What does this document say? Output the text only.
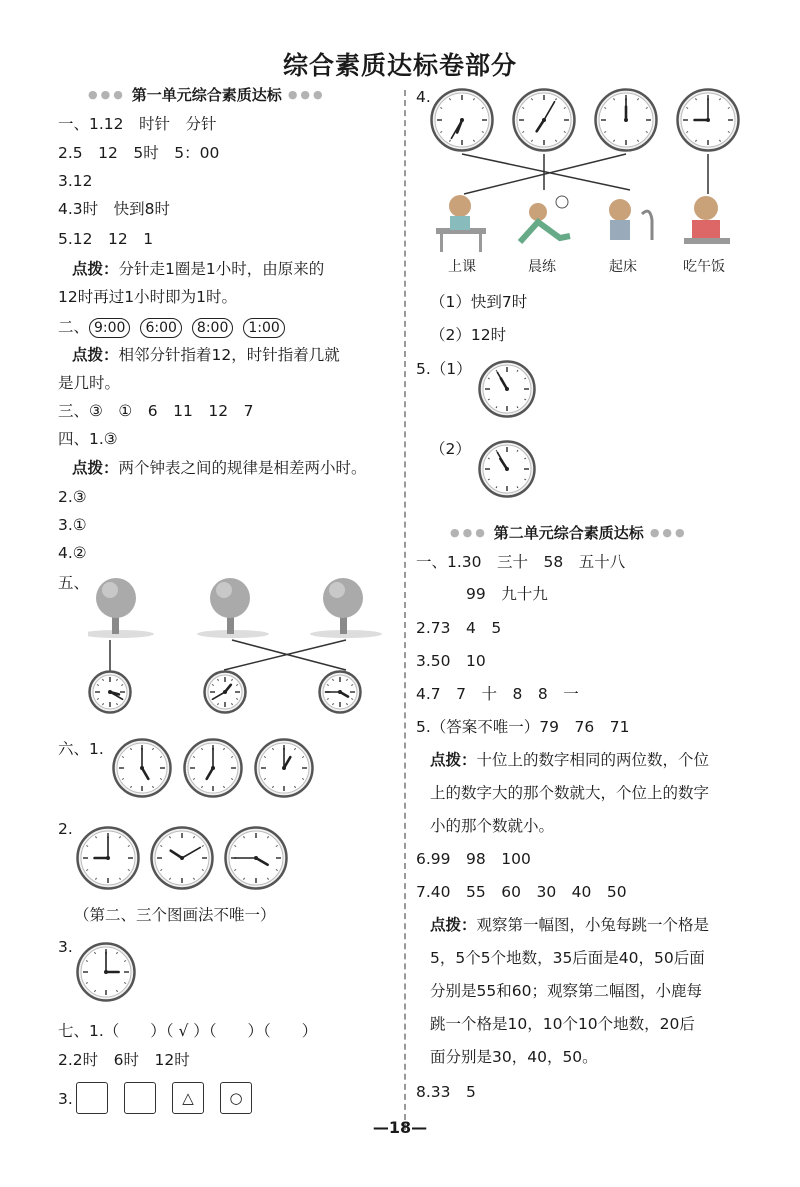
综合素质达标卷部分
●●● 第一单元综合素质达标 ●●●
一、1.12　时针　分针
2.5　12　5时　5：00
3.12
4.3时　快到8时
5.12　12　1
点拨：分针走1圈是1小时，由原来的
12时再过1小时即为1时。
二、 9:00 6:00 8:00 1:00
点拨：相邻分针指着12，时针指着几就
是几时。
三、③　①　6　11　12　7
四、1.③
点拨：两个钟表之间的规律是相差两小时。
2.③
3.①
4.②
五、
六、1.
2.
（第二、三个图画法不唯一）
3.
七、1.（　　）（ √ ）（　　）（　　）
2.2时　6时　12时
3.	△	○
4.
上课	晨练	起床	吃午饭
（1）快到7时
（2）12时
5.（1）
（2）
●●● 第二单元综合素质达标 ●●●
一、1.30　三十　58　五十八
99　九十九
2.73　4　5
3.50　10
4.7　7　十　8　8　一
5.（答案不唯一）79　76　71
点拨：十位上的数字相同的两位数，个位
上的数字大的那个数就大，个位上的数字
小的那个数就小。
6.99　98　100
7.40　55　60　30　40　50
点拨：观察第一幅图，小兔每跳一个格是
5，5个5个地数，35后面是40，50后面
分别是55和60；观察第二幅图，小鹿每
跳一个格是10，10个10个地数，20后
面分别是30，40，50。
8.33　5
—18—
